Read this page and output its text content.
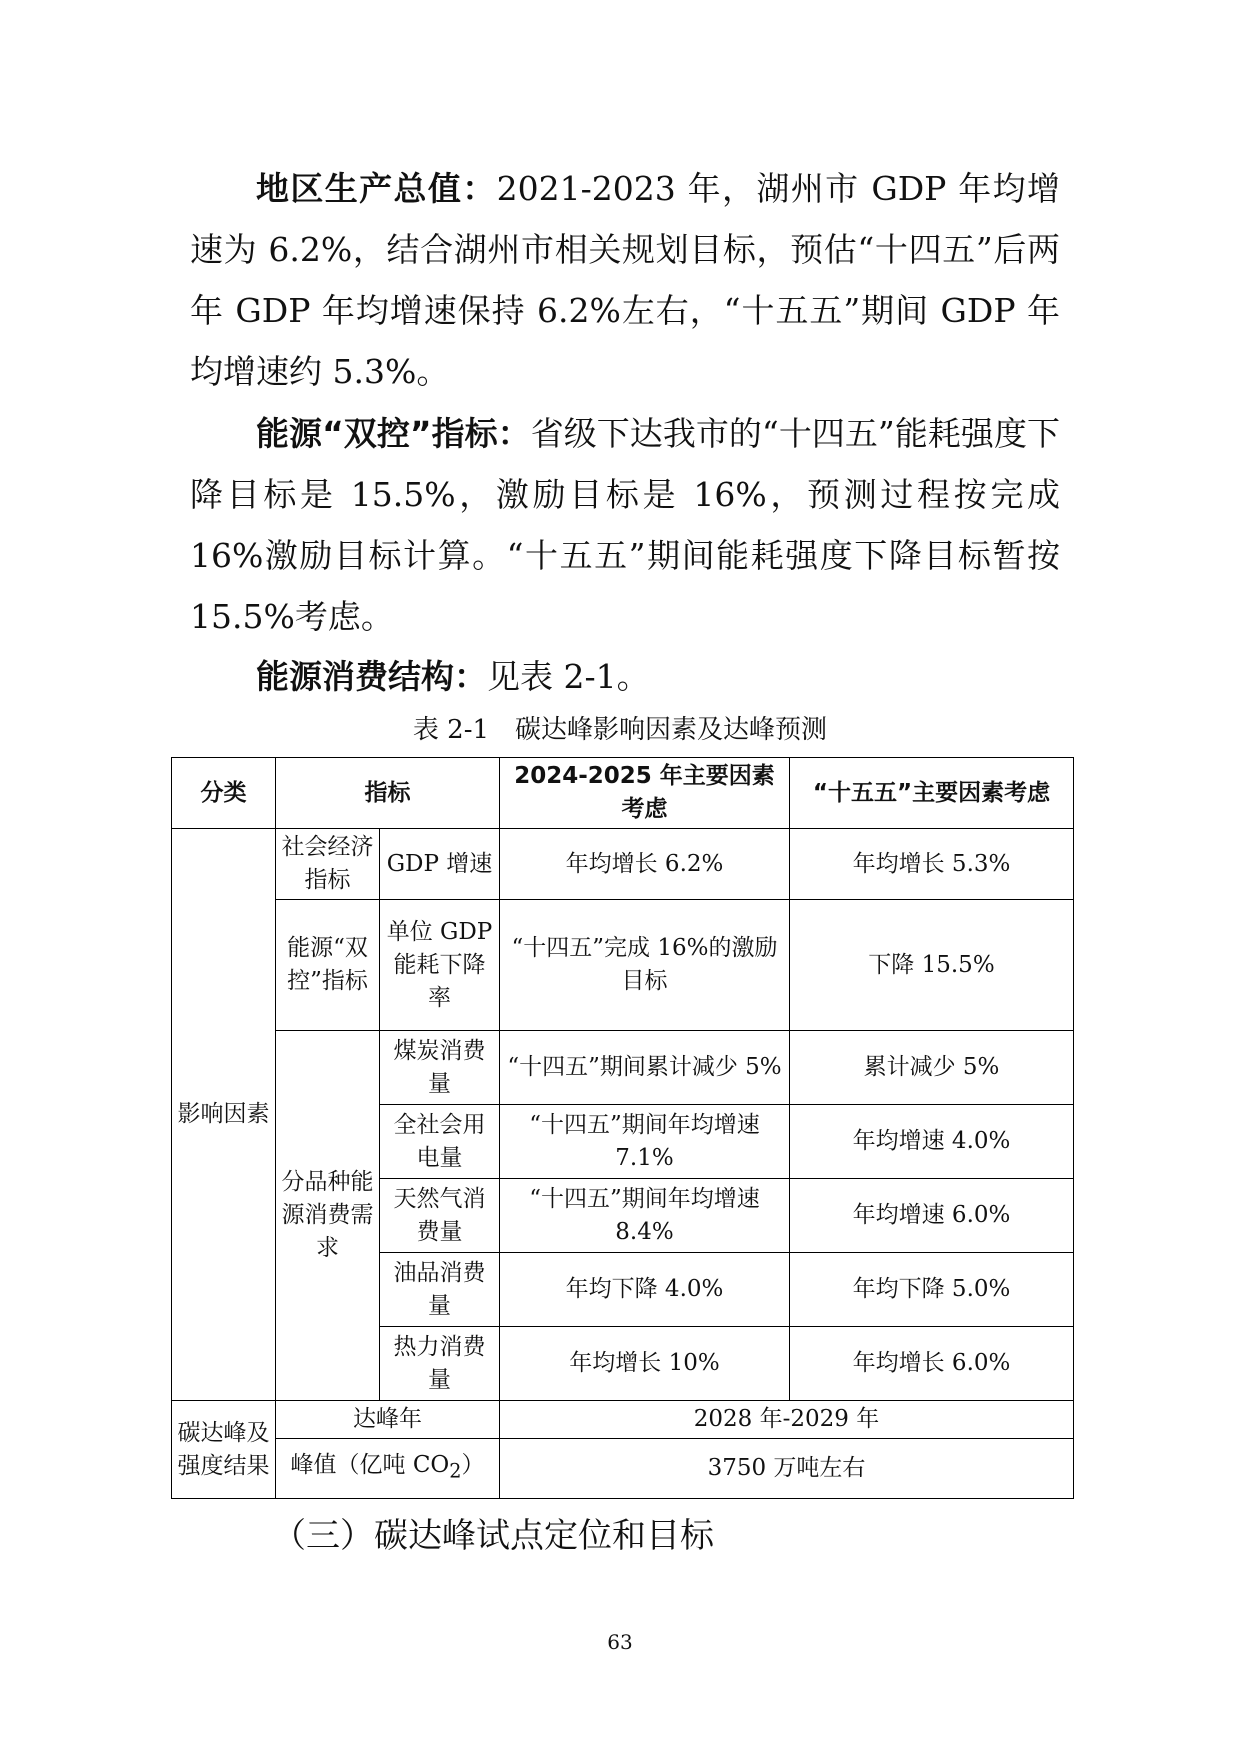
地区生产总值：2021-2023 年，湖州市 GDP 年均增速为 6.2%，结合湖州市相关规划目标，预估“十四五”后两年 GDP 年均增速保持 6.2%左右，“十五五”期间 GDP 年均增速约 5.3%。

能源“双控”指标：省级下达我市的“十四五”能耗强度下降目标是 15.5%，激励目标是 16%，预测过程按完成 16%激励目标计算。“十五五”期间能耗强度下降目标暂按 15.5%考虑。

能源消费结构：见表 2-1。

表 2-1　碳达峰影响因素及达峰预测
分类	指标		2024-2025 年主要因素考虑	“十五五”主要因素考虑
影响因素	社会经济指标	GDP 增速	年均增长 6.2%	年均增长 5.3%
	能源“双控”指标	单位 GDP 能耗下降率	“十四五”完成 16%的激励目标	下降 15.5%
	分品种能源消费需求	煤炭消费量	“十四五”期间累计减少 5%	累计减少 5%
		全社会用电量	“十四五”期间年均增速 7.1%	年均增速 4.0%
		天然气消费量	“十四五”期间年均增速 8.4%	年均增速 6.0%
		油品消费量	年均下降 4.0%	年均下降 5.0%
		热力消费量	年均增长 10%	年均增长 6.0%
碳达峰及强度结果	达峰年		2028 年-2029 年	
	峰值（亿吨 $CO_2$）		3750 万吨左右	
（三）碳达峰试点定位和目标
63
